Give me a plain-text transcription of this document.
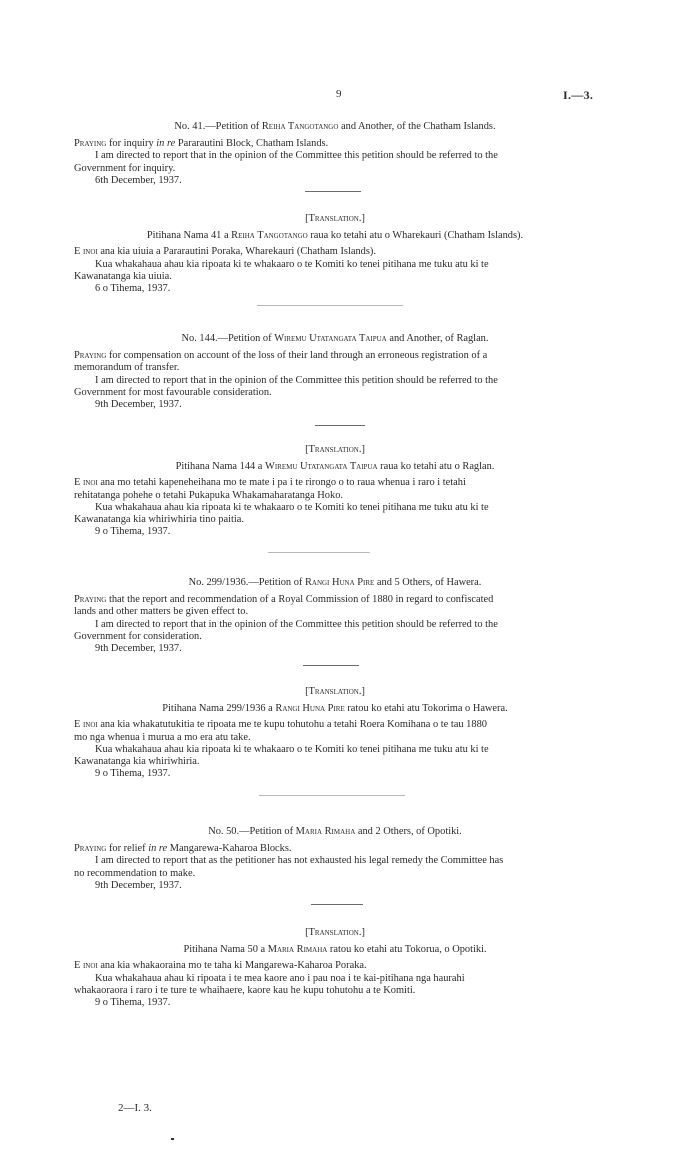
9	I.—3.
No. 41.—Petition of Reiha Tangotango and Another, of the Chatham Islands.
Praying for inquiry in re Pararautini Block, Chatham Islands.
I am directed to report that in the opinion of the Committee this petition should be referred to the
Government for inquiry.
6th December, 1937.
[Translation.]
Pitihana Nama 41 a Reiha Tangotango raua ko tetahi atu o Wharekauri (Chatham Islands).
E inoi ana kia uiuia a Pararautini Poraka, Wharekauri (Chatham Islands).
Kua whakahaua ahau kia ripoata ki te whakaaro o te Komiti ko tenei pitihana me tuku atu ki te
Kawanatanga kia uiuia.
6 o Tihema, 1937.
No. 144.—Petition of Wiremu Utatangata Taipua and Another, of Raglan.
Praying for compensation on account of the loss of their land through an erroneous registration of a
memorandum of transfer.
I am directed to report that in the opinion of the Committee this petition should be referred to the
Government for most favourable consideration.
9th December, 1937.
[Translation.]
Pitihana Nama 144 a Wiremu Utatangata Taipua raua ko tetahi atu o Raglan.
E inoi ana mo tetahi kapeneheihana mo te mate i pa i te rirongo o to raua whenua i raro i tetahi
rehitatanga pohehe o tetahi Pukapuka Whakamaharatanga Hoko.
Kua whakahaua ahau kia ripoata ki te whakaaro o te Komiti ko tenei pitihana me tuku atu ki te
Kawanatanga kia whiriwhiria tino paitia.
9 o Tihema, 1937.
No. 299/1936.—Petition of Rangi Huna Pire and 5 Others, of Hawera.
Praying that the report and recommendation of a Royal Commission of 1880 in regard to confiscated
lands and other matters be given effect to.
I am directed to report that in the opinion of the Committee this petition should be referred to the
Government for consideration.
9th December, 1937.
[Translation.]
Pitihana Nama 299/1936 a Rangi Huna Pire ratou ko etahi atu Tokorima o Hawera.
E inoi ana kia whakatutukitia te ripoata me te kupu tohutohu a tetahi Roera Komihana o te tau 1880
mo nga whenua i murua a mo era atu take.
Kua whakahaua ahau kia ripoata ki te whakaaro o te Komiti ko tenei pitihana me tuku atu ki te
Kawanatanga kia whiriwhiria.
9 o Tihema, 1937.
No. 50.—Petition of Maria Rimaha and 2 Others, of Opotiki.
Praying for relief in re Mangarewa-Kaharoa Blocks.
I am directed to report that as the petitioner has not exhausted his legal remedy the Committee has
no recommendation to make.
9th December, 1937.
[Translation.]
Pitihana Nama 50 a Maria Rimaha ratou ko etahi atu Tokorua, o Opotiki.
E inoi ana kia whakaoraina mo te taha ki Mangarewa-Kaharoa Poraka.
Kua whakahaua ahau ki ripoata i te mea kaore ano i pau noa i te kai-pitihana nga haurahi
whakaoraora i raro i te ture te whaihaere, kaore kau he kupu tohutohu a te Komiti.
9 o Tihema, 1937.
2—I. 3.
